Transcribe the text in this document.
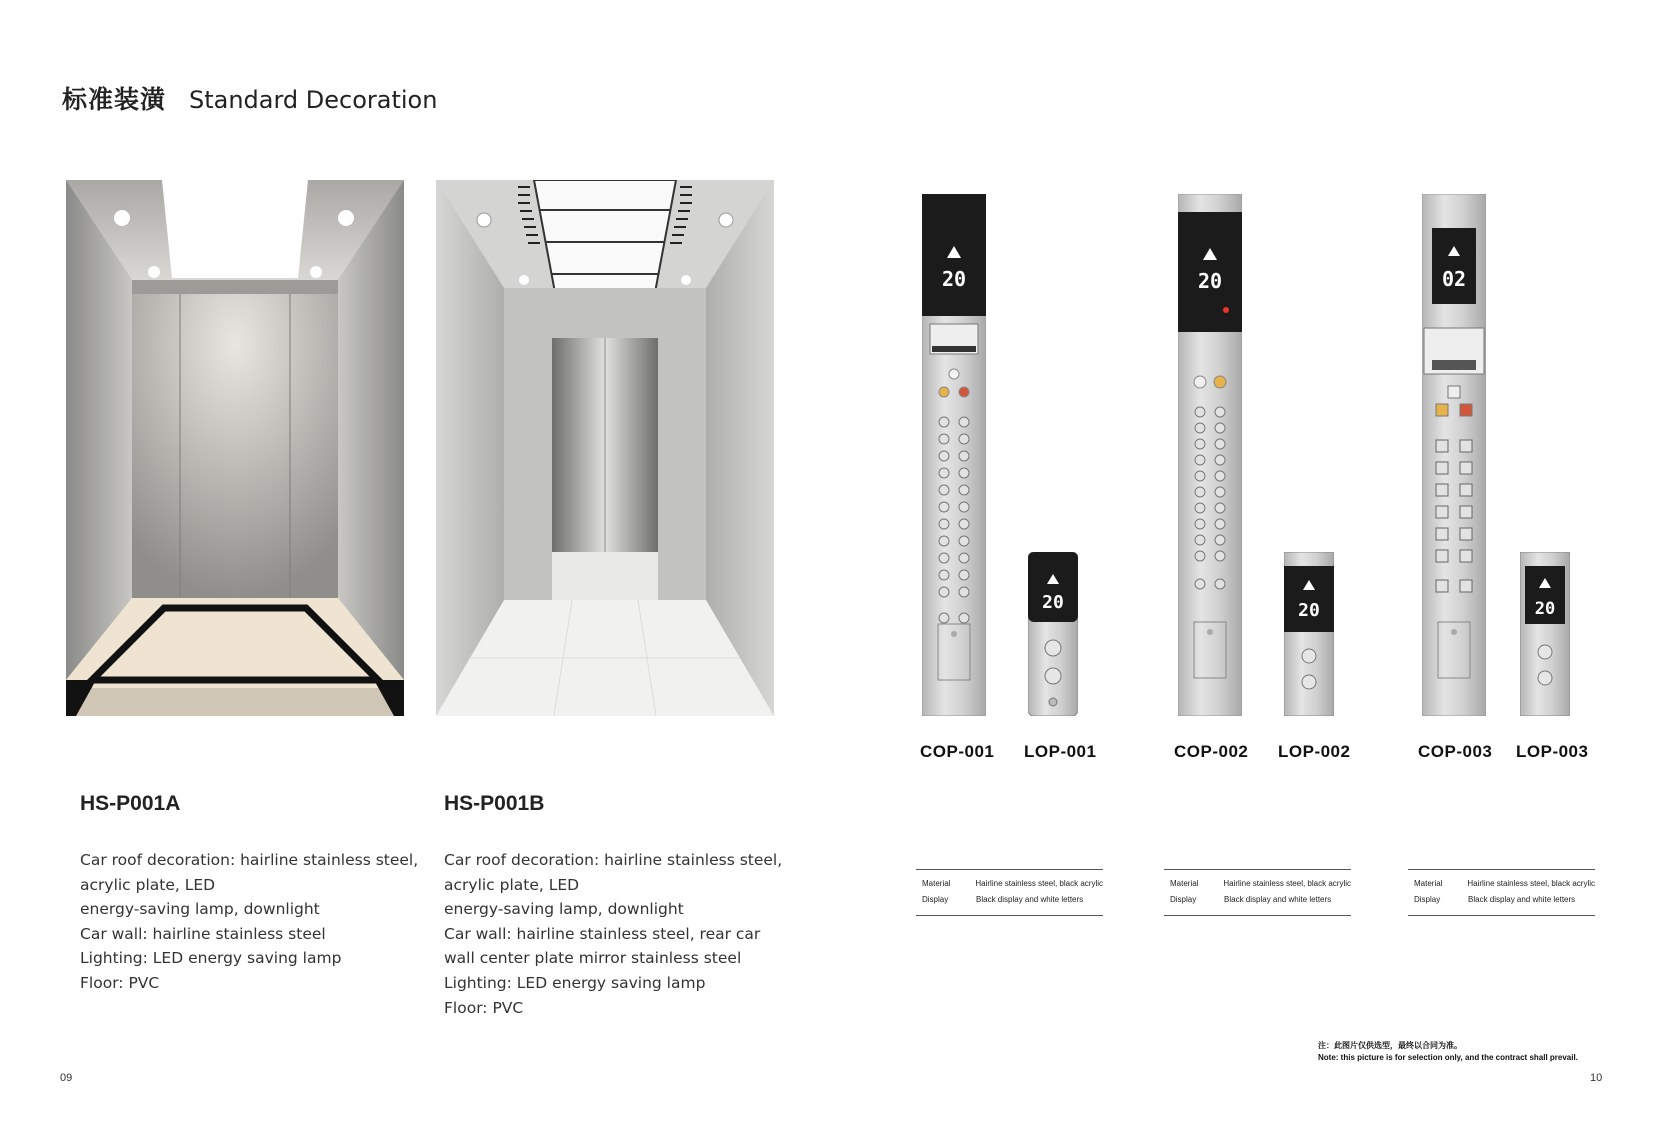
标准装潢 Standard Decoration
HS-P001A
Car roof decoration: hairline stainless steel,
acrylic plate, LED
energy-saving lamp, downlight
Car wall: hairline stainless steel
Lighting: LED energy saving lamp
Floor: PVC
HS-P001B
Car roof decoration: hairline stainless steel,
acrylic plate, LED
energy-saving lamp, downlight
Car wall: hairline stainless steel, rear car
wall center plate mirror stainless steel
Lighting: LED energy saving lamp
Floor: PVC
20
20
COP-001 LOP-001
20
20
COP-002 LOP-002
02
20
COP-003 LOP-003
Material	Hairline stainless steel, black acrylic
Display	Black display and white letters
Material	Hairline stainless steel, black acrylic
Display	Black display and white letters
Material	Hairline stainless steel, black acrylic
Display	Black display and white letters
注：此图片仅供选型，最终以合同为准。
Note: this picture is for selection only, and the contract shall prevail.
09	10
